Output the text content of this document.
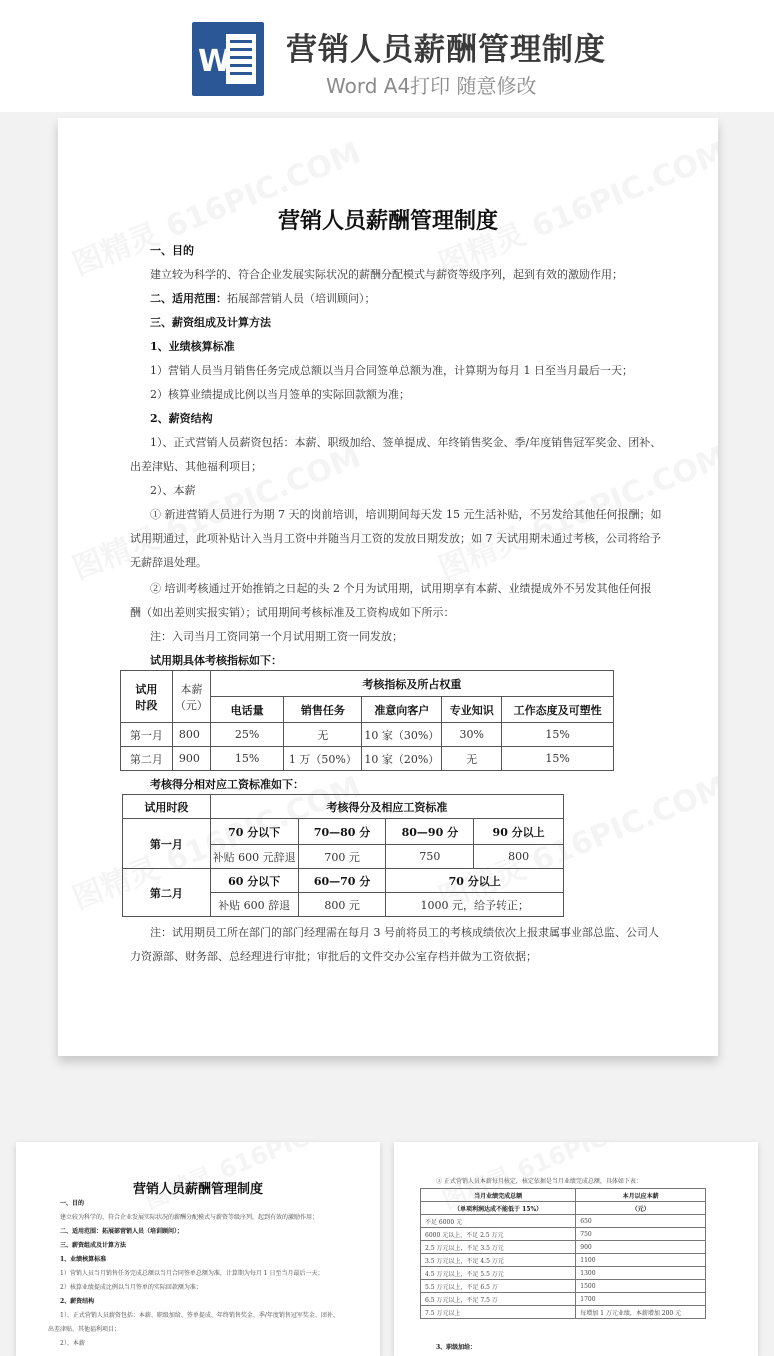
W 营销人员薪酬管理制度
Word A4打印 随意修改
营销人员薪酬管理制度
一、目的
建立较为科学的、符合企业发展实际状况的薪酬分配模式与薪资等级序列，起到有效的激励作用；
二、适用范围：拓展部营销人员（培训顾问）；
三、薪资组成及计算方法
1、业绩核算标准
1）营销人员当月销售任务完成总额以当月合同签单总额为准，计算期为每月 1 日至当月最后一天；
2）核算业绩提成比例以当月签单的实际回款额为准；
2、薪资结构
1）、正式营销人员薪资包括：本薪、职级加给、签单提成、年终销售奖金、季/年度销售冠军奖金、团补、
出差津贴、其他福利项目；
2）、本薪
① 新进营销人员进行为期 7 天的岗前培训，培训期间每天发 15 元生活补贴，不另发给其他任何报酬；如
试用期通过，此项补贴计入当月工资中并随当月工资的发放日期发放；如 7 天试用期未通过考核，公司将给予
无薪辞退处理。
② 培训考核通过开始推销之日起的头 2 个月为试用期，试用期享有本薪、业绩提成外不另发其他任何报
酬（如出差则实报实销）；试用期间考核标准及工资构成如下所示：
注：入司当月工资同第一个月试用期工资一同发放；
试用期具体考核指标如下：
试用
时段	本薪
（元）	考核指标及所占权重				
		电话量	销售任务	准意向客户	专业知识	工作态度及可塑性
第一月	800	25%	无	10 家（30%）	30%	15%
第二月	900	15%	1 万（50%）	10 家（20%）	无	15%
考核得分相对应工资标准如下：
试用时段	考核得分及相应工资标准			
第一月	70 分以下	70—80 分	80—90 分	90 分以上
	补贴 600 元辞退	700 元	750	800
第二月	60 分以下	60—70 分	70 分以上	
	补贴 600 辞退	800 元	1000 元，给予转正；	
注：试用期员工所在部门的部门经理需在每月 3 号前将员工的考核成绩依次上报隶属事业部总监、公司人
力资源部、财务部、总经理进行审批；审批后的文件交办公室存档并做为工资依据；
营销人员薪酬管理制度
一、目的
建立较为科学的、符合企业发展实际状况的薪酬分配模式与薪资等级序列，起到有效的激励作用；
二、适用范围：拓展部营销人员（培训顾问）；
三、薪资组成及计算方法
1、业绩核算标准
1）营销人员当月销售任务完成总额以当月合同签单总额为准，计算期为每月 1 日至当月最后一天；
2）核算业绩提成比例以当月签单的实际回款额为准；
2、薪资结构
1）、正式营销人员薪资包括：本薪、职级加给、签单提成、年终销售奖金、季/年度销售冠军奖金、团补、
出差津贴、其他福利项目；
2）、本薪
③ 正式营销人员本薪每月核定，核定依据是当月业绩完成总额，具体如下表：
当月业绩完成总额	本月以应本薪
（单项利润达成不能低于 15%）	（元）
不足 6000 元	650
6000 元以上，不足 2.5 万元	750
2.5 万元以上，不足 3.5 万元	900
3.5 万元以上，不足 4.5 万元	1100
4.5 万元以上，不足 5.5 万元	1300
5.5 万元以上，不足 6.5 万	1500
6.5 万元以上，不足 7.5 万	1700
7.5 万元以上	每增加 1 万元业绩，本薪增加 200 元
3、职级加给：
